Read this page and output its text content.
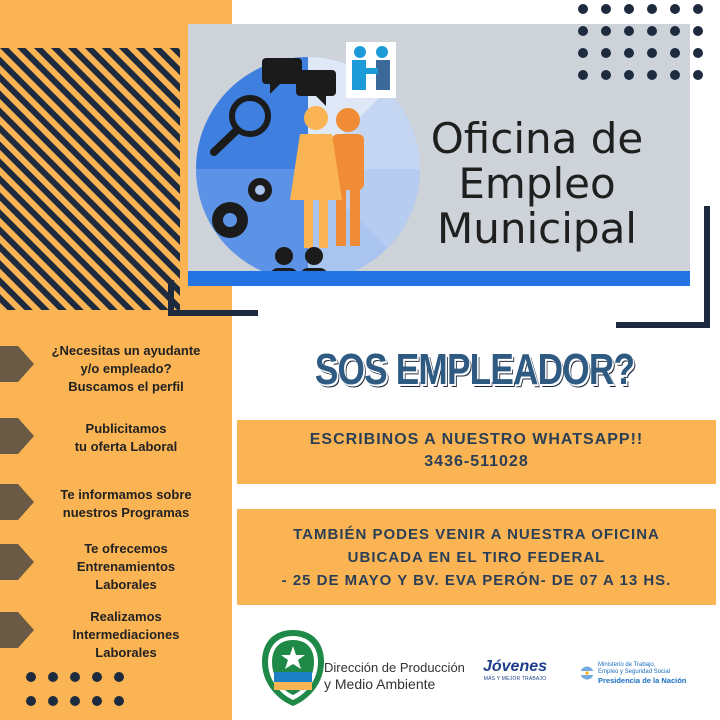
Oficina de
Empleo
Municipal
¿Necesitas un ayudante
y/o empleado?
Buscamos el perfil
Publicitamos
tu oferta Laboral
Te informamos sobre
nuestros Programas
Te ofrecemos
Entrenamientos
Laborales
Realizamos
Intermediaciones
Laborales
SOS EMPLEADOR?
ESCRIBINOS A NUESTRO WHATSAPP!!
3436-511028
TAMBIÉN PODES VENIR A NUESTRA OFICINA
UBICADA EN EL TIRO FEDERAL
- 25 DE MAYO Y BV. EVA PERÓN- DE 07 A 13 HS.
Dirección de Producción
y Medio Ambiente
Jóvenes
MÁS Y MEJOR TRABAJO
Ministerio de Trabajo,
Empleo y Seguridad Social
Presidencia de la Nación
